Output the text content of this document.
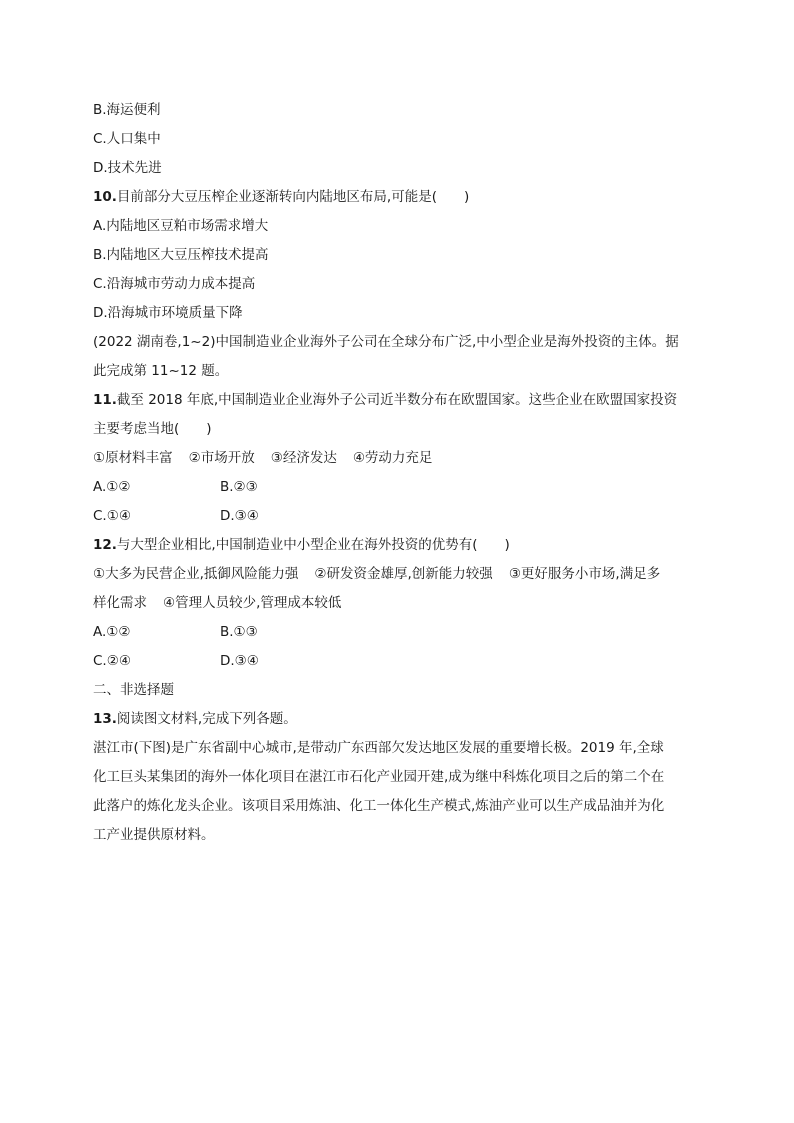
B.海运便利

C.人口集中

D.技术先进

10.目前部分大豆压榨企业逐渐转向内陆地区布局,可能是(　　)

A.内陆地区豆粕市场需求增大

B.内陆地区大豆压榨技术提高

C.沿海城市劳动力成本提高

D.沿海城市环境质量下降

(2022 湖南卷,1~2)中国制造业企业海外子公司在全球分布广泛,中小型企业是海外投资的主体。据

此完成第 11~12 题。

11.截至 2018 年底,中国制造业企业海外子公司近半数分布在欧盟国家。这些企业在欧盟国家投资

主要考虑当地(　　)

①原材料丰富 ②市场开放 ③经济发达 ④劳动力充足

A.①②	B.②③
C.①④	D.③④

12.与大型企业相比,中国制造业中小型企业在海外投资的优势有(　　)

①大多为民营企业,抵御风险能力强 ②研发资金雄厚,创新能力较强 ③更好服务小市场,满足多

样化需求 ④管理人员较少,管理成本较低

A.①②	B.①③
C.②④	D.③④

二、非选择题

13.阅读图文材料,完成下列各题。

湛江市(下图)是广东省副中心城市,是带动广东西部欠发达地区发展的重要增长极。2019 年,全球

化工巨头某集团的海外一体化项目在湛江市石化产业园开建,成为继中科炼化项目之后的第二个在

此落户的炼化龙头企业。该项目采用炼油、化工一体化生产模式,炼油产业可以生产成品油并为化

工产业提供原材料。
